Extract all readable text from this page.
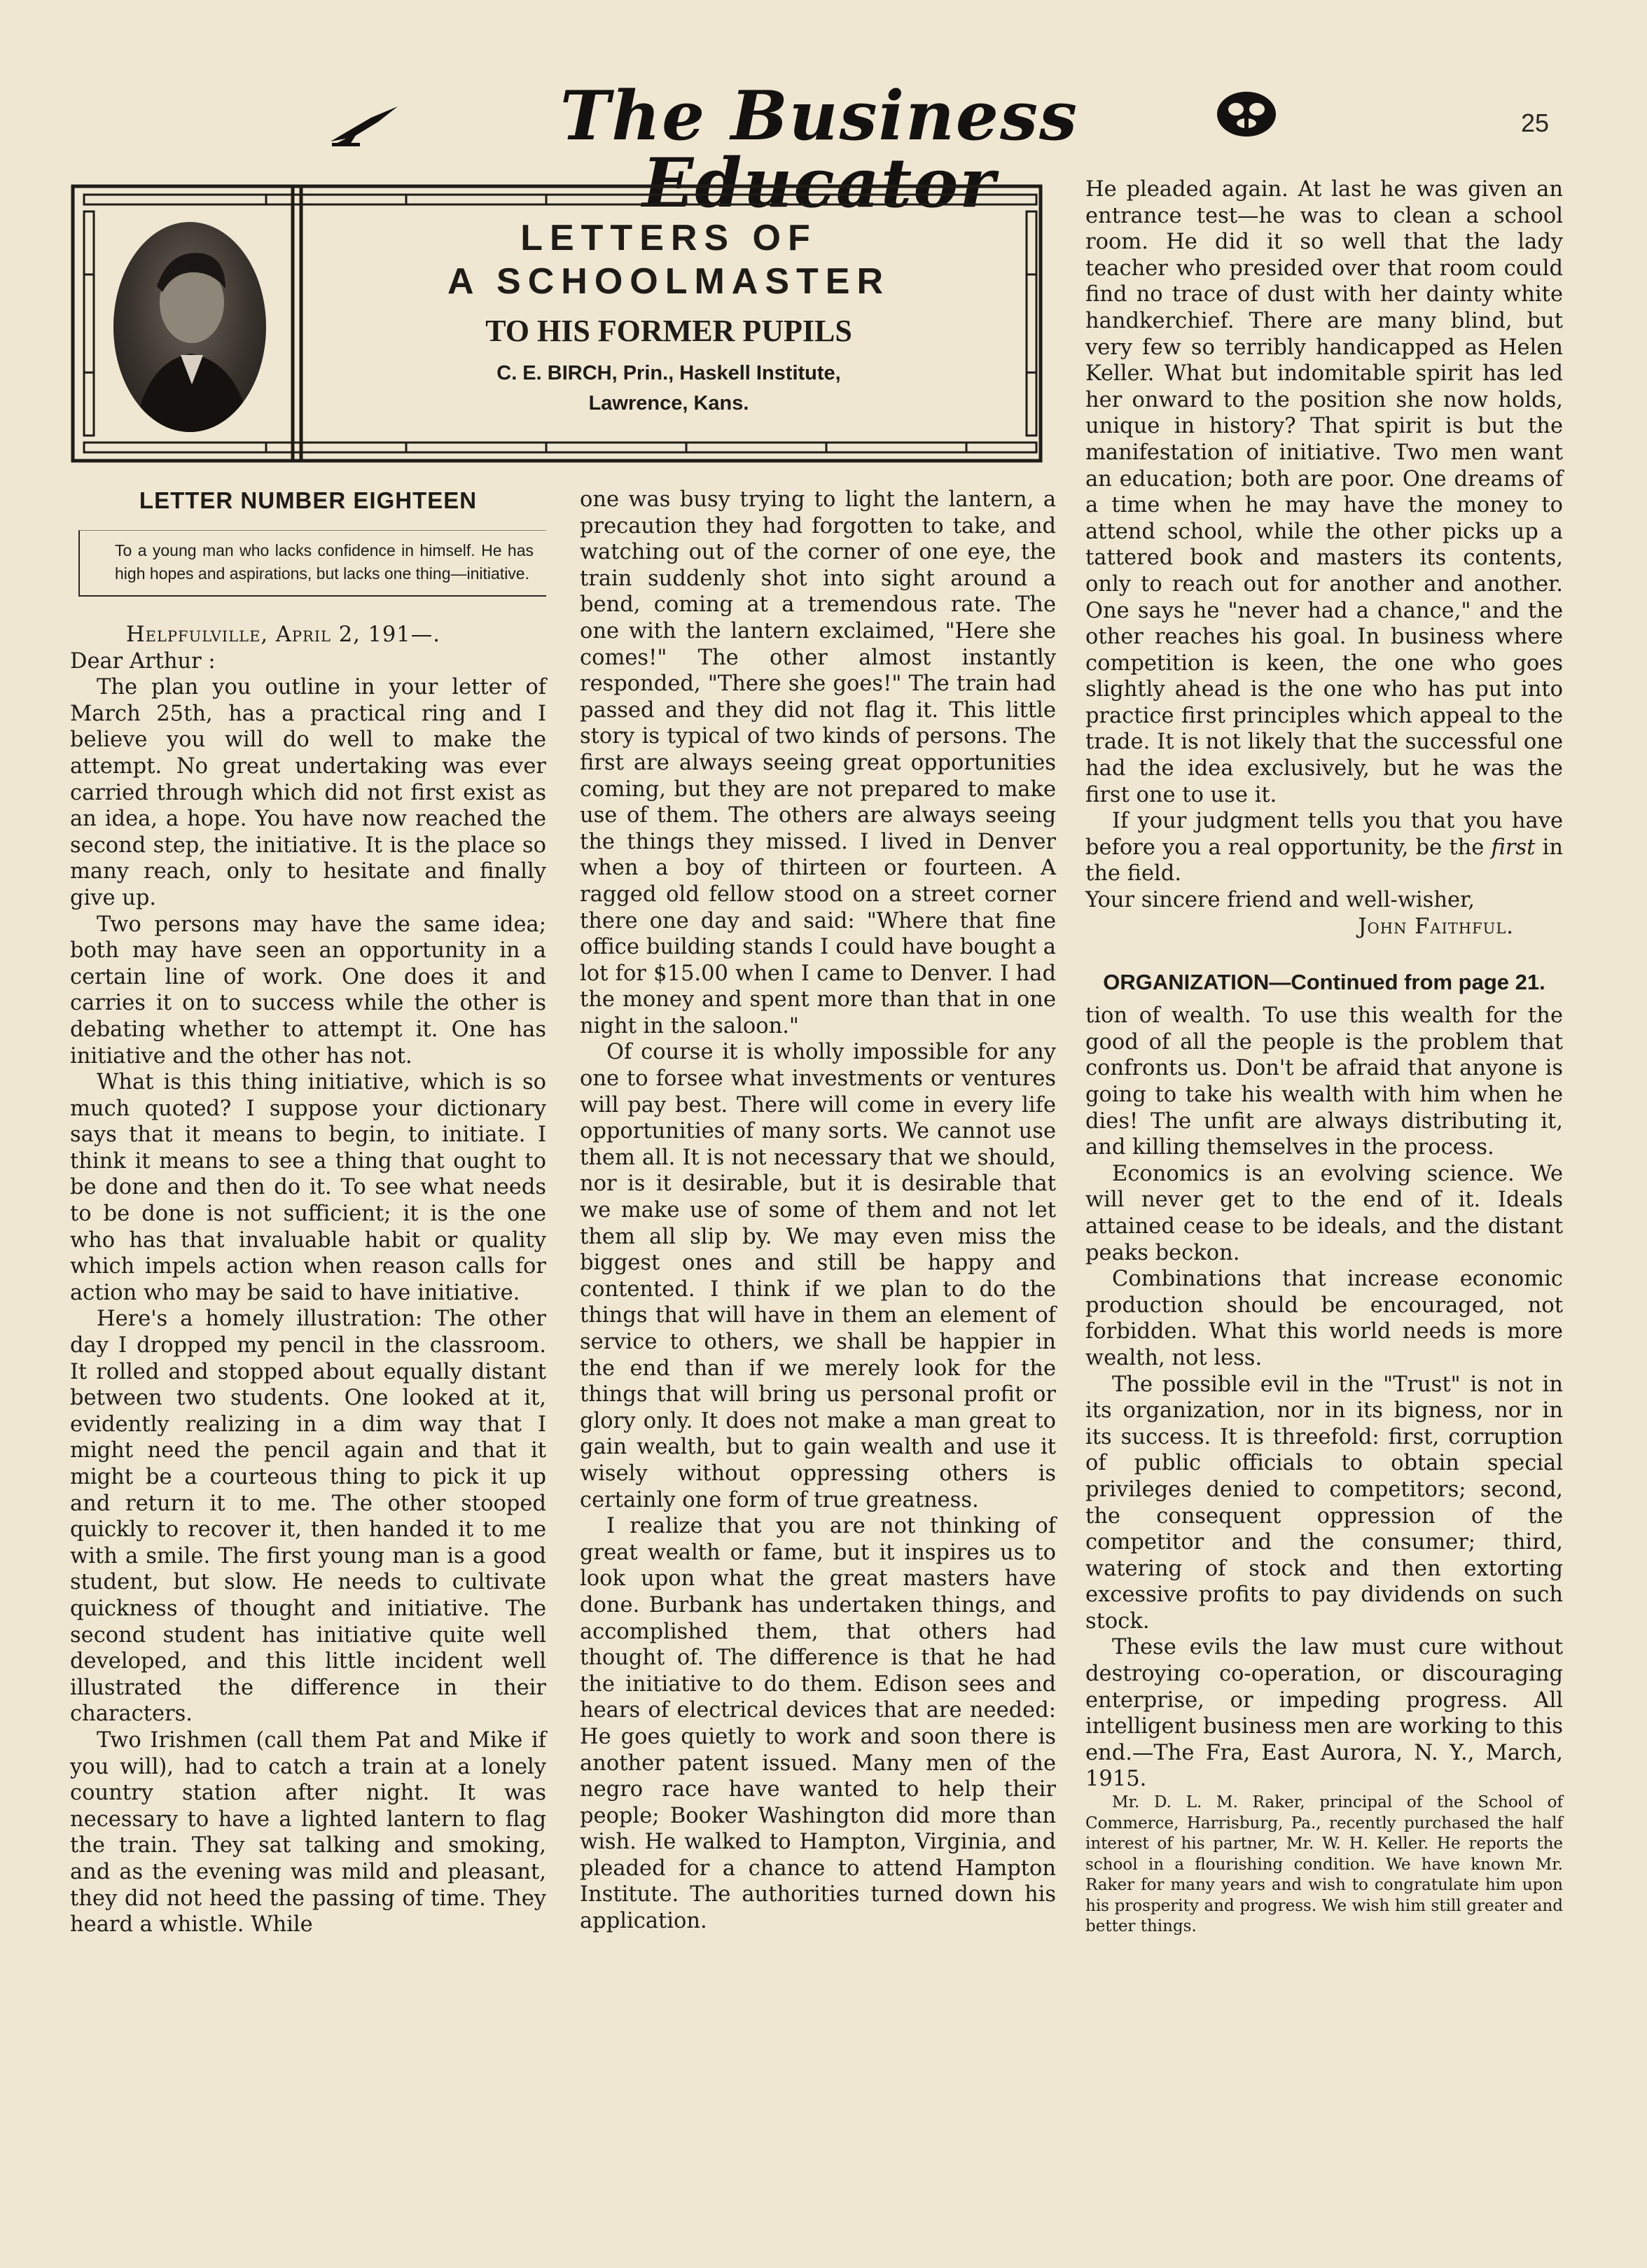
The Business Educator
25
LETTERS OF
A SCHOOLMASTER
TO HIS FORMER PUPILS
C. E. BIRCH, Prin., Haskell Institute,
Lawrence, Kans.
LETTER NUMBER EIGHTEEN
To a young man who lacks confidence in himself. He has high hopes and aspirations, but lacks one thing—initiative.

Helpfulville, April 2, 191—.

Dear Arthur :

The plan you outline in your letter of March 25th, has a practical ring and I believe you will do well to make the attempt. No great undertaking was ever carried through which did not first exist as an idea, a hope. You have now reached the second step, the initiative. It is the place so many reach, only to hesitate and finally give up.

Two persons may have the same idea; both may have seen an opportunity in a certain line of work. One does it and carries it on to success while the other is debating whether to attempt it. One has initiative and the other has not.

What is this thing initiative, which is so much quoted? I suppose your dictionary says that it means to begin, to initiate. I think it means to see a thing that ought to be done and then do it. To see what needs to be done is not sufficient; it is the one who has that invaluable habit or quality which impels action when reason calls for action who may be said to have initiative.

Here's a homely illustration: The other day I dropped my pencil in the classroom. It rolled and stopped about equally distant between two students. One looked at it, evidently realizing in a dim way that I might need the pencil again and that it might be a courteous thing to pick it up and return it to me. The other stooped quickly to recover it, then handed it to me with a smile. The first young man is a good student, but slow. He needs to cultivate quickness of thought and initiative. The second student has initiative quite well developed, and this little incident well illustrated the difference in their characters.

Two Irishmen (call them Pat and Mike if you will), had to catch a train at a lonely country station after night. It was necessary to have a lighted lantern to flag the train. They sat talking and smoking, and as the evening was mild and pleasant, they did not heed the passing of time. They heard a whistle. While

one was busy trying to light the lantern, a precaution they had forgotten to take, and watching out of the corner of one eye, the train suddenly shot into sight around a bend, coming at a tremendous rate. The one with the lantern exclaimed, "Here she comes!" The other almost instantly responded, "There she goes!" The train had passed and they did not flag it. This little story is typical of two kinds of persons. The first are always seeing great opportunities coming, but they are not prepared to make use of them. The others are always seeing the things they missed. I lived in Denver when a boy of thirteen or fourteen. A ragged old fellow stood on a street corner there one day and said: "Where that fine office building stands I could have bought a lot for $15.00 when I came to Denver. I had the money and spent more than that in one night in the saloon."

Of course it is wholly impossible for any one to forsee what investments or ventures will pay best. There will come in every life opportunities of many sorts. We cannot use them all. It is not necessary that we should, nor is it desirable, but it is desirable that we make use of some of them and not let them all slip by. We may even miss the biggest ones and still be happy and contented. I think if we plan to do the things that will have in them an element of service to others, we shall be happier in the end than if we merely look for the things that will bring us personal profit or glory only. It does not make a man great to gain wealth, but to gain wealth and use it wisely without oppressing others is certainly one form of true greatness.

I realize that you are not thinking of great wealth or fame, but it inspires us to look upon what the great masters have done. Burbank has undertaken things, and accomplished them, that others had thought of. The difference is that he had the initiative to do them. Edison sees and hears of electrical devices that are needed: He goes quietly to work and soon there is another patent issued. Many men of the negro race have wanted to help their people; Booker Washington did more than wish. He walked to Hampton, Virginia, and pleaded for a chance to attend Hampton Institute. The authorities turned down his application.

He pleaded again. At last he was given an entrance test—he was to clean a school room. He did it so well that the lady teacher who presided over that room could find no trace of dust with her dainty white handkerchief. There are many blind, but very few so terribly handicapped as Helen Keller. What but indomitable spirit has led her onward to the position she now holds, unique in history? That spirit is but the manifestation of initiative. Two men want an education; both are poor. One dreams of a time when he may have the money to attend school, while the other picks up a tattered book and masters its contents, only to reach out for another and another. One says he "never had a chance," and the other reaches his goal. In business where competition is keen, the one who goes slightly ahead is the one who has put into practice first principles which appeal to the trade. It is not likely that the successful one had the idea exclusively, but he was the first one to use it.

If your judgment tells you that you have before you a real opportunity, be the first in the field.

Your sincere friend and well-wisher,

John Faithful.

ORGANIZATION—Continued from page 21.

tion of wealth. To use this wealth for the good of all the people is the problem that confronts us. Don't be afraid that anyone is going to take his wealth with him when he dies! The unfit are always distributing it, and killing themselves in the process.

Economics is an evolving science. We will never get to the end of it. Ideals attained cease to be ideals, and the distant peaks beckon.

Combinations that increase economic production should be encouraged, not forbidden. What this world needs is more wealth, not less.

The possible evil in the "Trust" is not in its organization, nor in its bigness, nor in its success. It is threefold: first, corruption of public officials to obtain special privileges denied to competitors; second, the consequent oppression of the competitor and the consumer; third, watering of stock and then extorting excessive profits to pay dividends on such stock.

These evils the law must cure without destroying co-operation, or discouraging enterprise, or impeding progress. All intelligent business men are working to this end.—The Fra, East Aurora, N. Y., March, 1915.

Mr. D. L. M. Raker, principal of the School of Commerce, Harrisburg, Pa., recently purchased the half interest of his partner, Mr. W. H. Keller. He reports the school in a flourishing condition. We have known Mr. Raker for many years and wish to congratulate him upon his prosperity and progress. We wish him still greater and better things.
